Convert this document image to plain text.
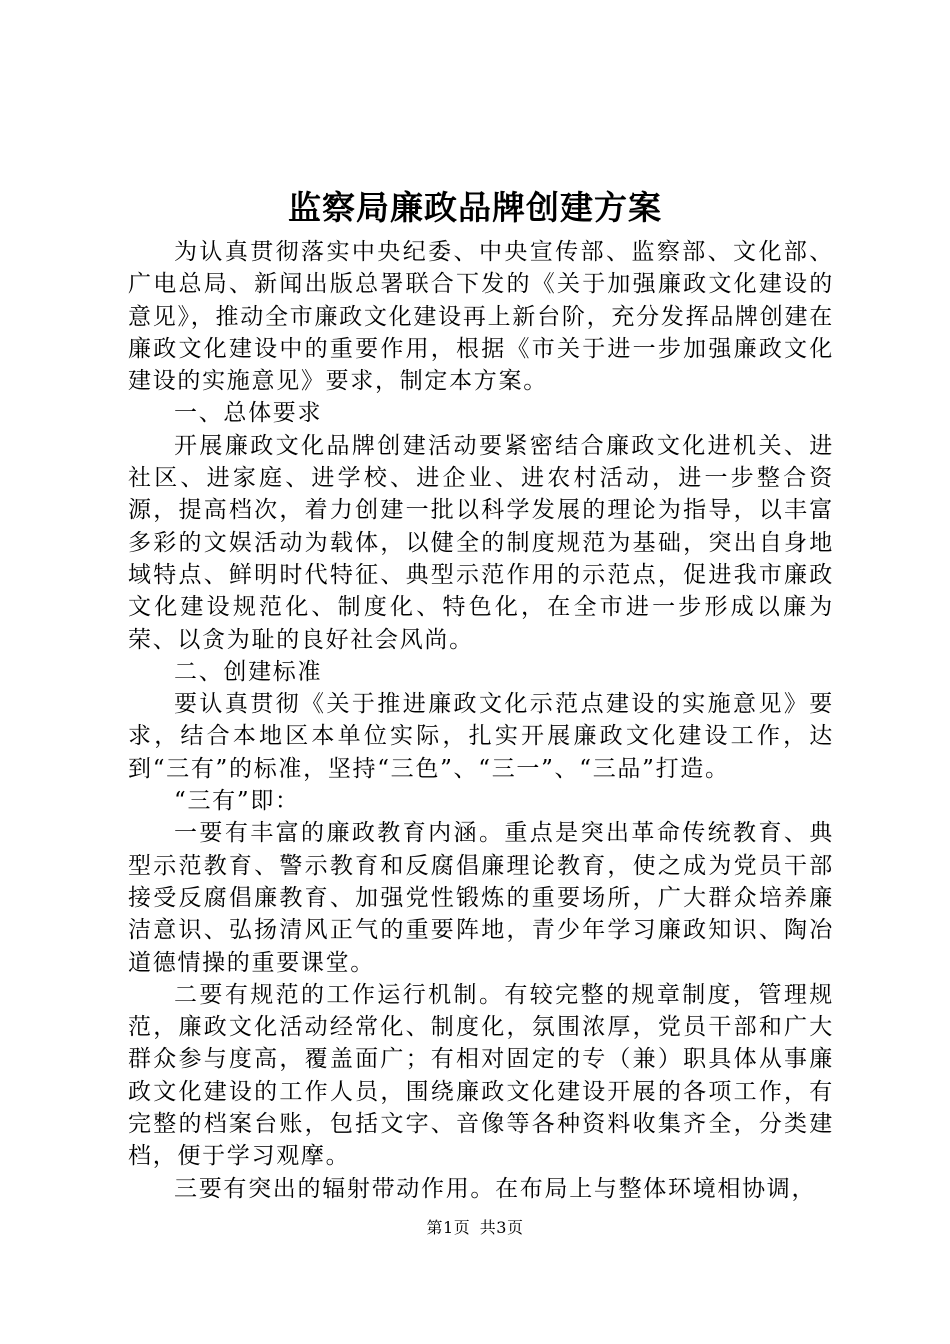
监察局廉政品牌创建方案

为认真贯彻落实中央纪委、中央宣传部、监察部、文化部、广电总局、新闻出版总署联合下发的《关于加强廉政文化建设的意见》，推动全市廉政文化建设再上新台阶，充分发挥品牌创建在廉政文化建设中的重要作用，根据《市关于进一步加强廉政文化建设的实施意见》要求，制定本方案。

一、总体要求

开展廉政文化品牌创建活动要紧密结合廉政文化进机关、进社区、进家庭、进学校、进企业、进农村活动，进一步整合资源，提高档次，着力创建一批以科学发展的理论为指导，以丰富多彩的文娱活动为载体，以健全的制度规范为基础，突出自身地域特点、鲜明时代特征、典型示范作用的示范点，促进我市廉政文化建设规范化、制度化、特色化，在全市进一步形成以廉为荣、以贪为耻的良好社会风尚。

二、创建标准

要认真贯彻《关于推进廉政文化示范点建设的实施意见》要求，结合本地区本单位实际，扎实开展廉政文化建设工作，达到“三有”的标准，坚持“三色”、“三一”、“三品”打造。

“三有”即：

一要有丰富的廉政教育内涵。重点是突出革命传统教育、典型示范教育、警示教育和反腐倡廉理论教育，使之成为党员干部接受反腐倡廉教育、加强党性锻炼的重要场所，广大群众培养廉洁意识、弘扬清风正气的重要阵地，青少年学习廉政知识、陶冶道德情操的重要课堂。

二要有规范的工作运行机制。有较完整的规章制度，管理规范，廉政文化活动经常化、制度化，氛围浓厚，党员干部和广大群众参与度高，覆盖面广；有相对固定的专（兼）职具体从事廉政文化建设的工作人员，围绕廉政文化建设开展的各项工作，有完整的档案台账，包括文字、音像等各种资料收集齐全，分类建档，便于学习观摩。

三要有突出的辐射带动作用。在布局上与整体环境相协调，

第1页 共3页
